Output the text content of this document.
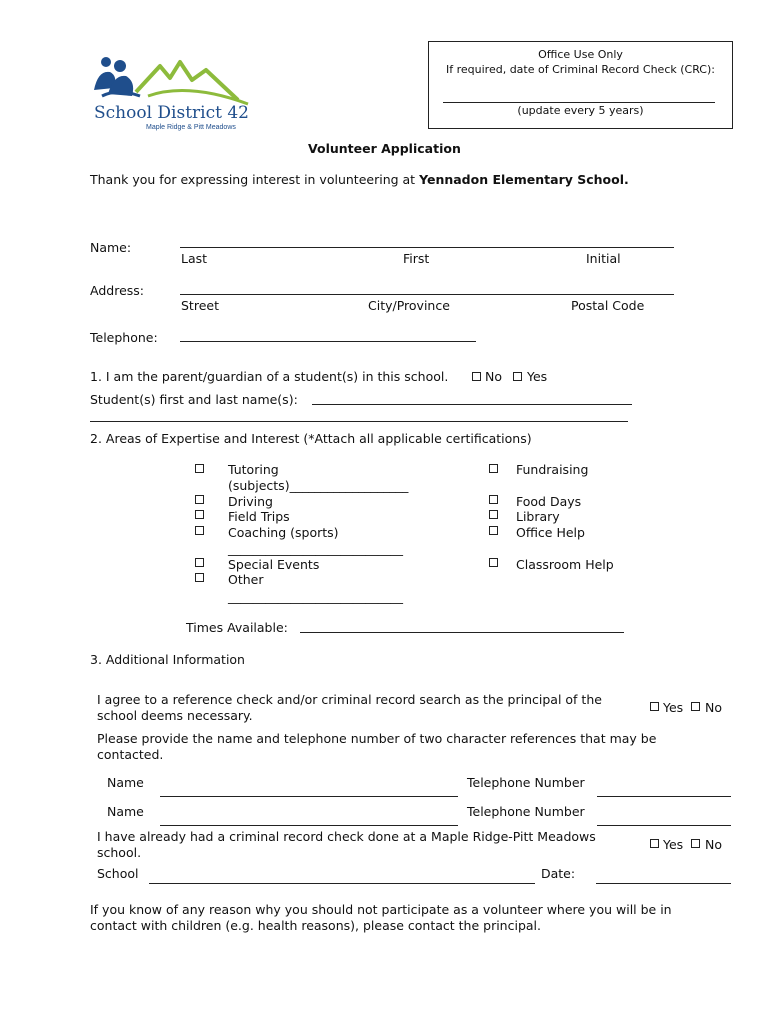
School District 42
Maple Ridge & Pitt Meadows
Office Use Only
If required, date of Criminal Record Check (CRC):
(update every 5 years)
Volunteer Application
Thank you for expressing interest in volunteering at Yennadon Elementary School.
Name:
Last	First	Initial
Address:
Street	City/Province	Postal Code
Telephone:
1. I am the parent/guardian of a student(s) in this school.	No Yes
Student(s) first and last name(s):
2. Areas of Expertise and Interest (*Attach all applicable certifications)
Tutoring
(subjects)___________________
Driving
Field Trips
Coaching (sports)
____________________________
Special Events
Other
____________________________
Fundraising
Food Days
Library
Office Help
Classroom Help
Times Available:
3. Additional Information
I agree to a reference check and/or criminal record search as the principal of the
school deems necessary.
Yes No
Please provide the name and telephone number of two character references that may be
contacted.
Name	Telephone Number
Name	Telephone Number
I have already had a criminal record check done at a Maple Ridge-Pitt Meadows
school.
Yes No
School	Date:
If you know of any reason why you should not participate as a volunteer where you will be in
contact with children (e.g. health reasons), please contact the principal.
